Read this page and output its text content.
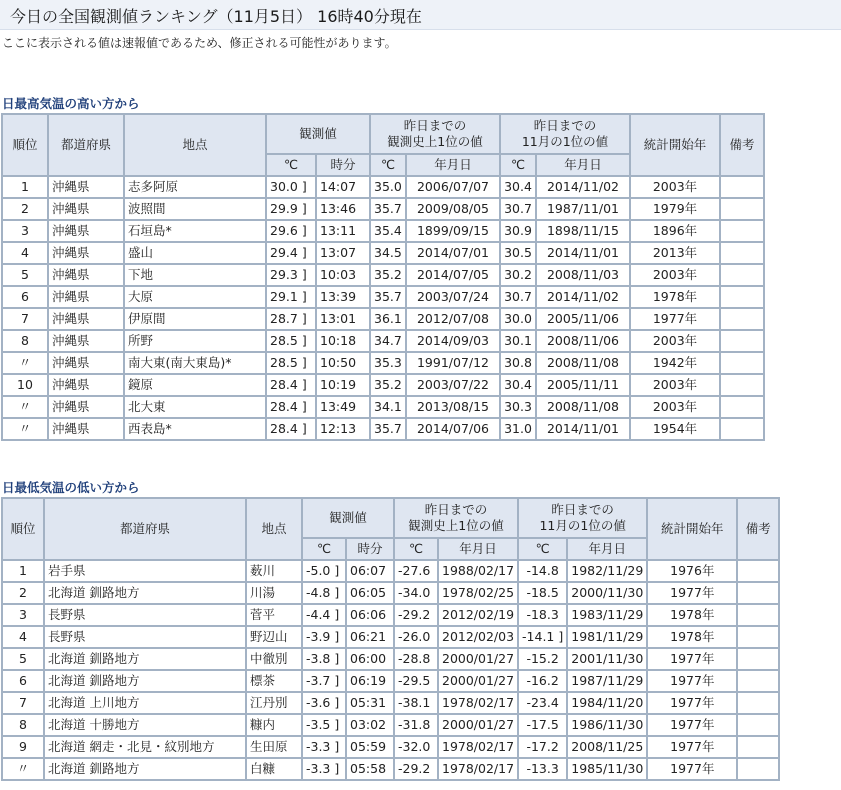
今日の全国観測値ランキング（11月5日） 16時40分現在
ここに表示される値は速報値であるため、修正される可能性があります。
日最高気温の高い方から
順位	都道府県	地点	観測値		昨日までの
観測史上1位の値		昨日までの
11月の1位の値		統計開始年	備考
			℃	時分	℃	年月日	℃	年月日		
1	沖縄県	志多阿原	30.0 ]	14:07	35.0	2006/07/07	30.4	2014/11/02	2003年	
2	沖縄県	波照間	29.9 ]	13:46	35.7	2009/08/05	30.7	1987/11/01	1979年	
3	沖縄県	石垣島*	29.6 ]	13:11	35.4	1899/09/15	30.9	1898/11/15	1896年	
4	沖縄県	盛山	29.4 ]	13:07	34.5	2014/07/01	30.5	2014/11/01	2013年	
5	沖縄県	下地	29.3 ]	10:03	35.2	2014/07/05	30.2	2008/11/03	2003年	
6	沖縄県	大原	29.1 ]	13:39	35.7	2003/07/24	30.7	2014/11/02	1978年	
7	沖縄県	伊原間	28.7 ]	13:01	36.1	2012/07/08	30.0	2005/11/06	1977年	
8	沖縄県	所野	28.5 ]	10:18	34.7	2014/09/03	30.1	2008/11/06	2003年	
〃	沖縄県	南大東(南大東島)*	28.5 ]	10:50	35.3	1991/07/12	30.8	2008/11/08	1942年	
10	沖縄県	鏡原	28.4 ]	10:19	35.2	2003/07/22	30.4	2005/11/11	2003年	
〃	沖縄県	北大東	28.4 ]	13:49	34.1	2013/08/15	30.3	2008/11/08	2003年	
〃	沖縄県	西表島*	28.4 ]	12:13	35.7	2014/07/06	31.0	2014/11/01	1954年	
日最低気温の低い方から
順位	都道府県	地点	観測値		昨日までの
観測史上1位の値		昨日までの
11月の1位の値		統計開始年	備考
			℃	時分	℃	年月日	℃	年月日		
1	岩手県	薮川	-5.0 ]	06:07	-27.6	1988/02/17	-14.8	1982/11/29	1976年	
2	北海道 釧路地方	川湯	-4.8 ]	06:05	-34.0	1978/02/25	-18.5	2000/11/30	1977年	
3	長野県	菅平	-4.4 ]	06:06	-29.2	2012/02/19	-18.3	1983/11/29	1978年	
4	長野県	野辺山	-3.9 ]	06:21	-26.0	2012/02/03	-14.1 ]	1981/11/29	1978年	
5	北海道 釧路地方	中徹別	-3.8 ]	06:00	-28.8	2000/01/27	-15.2	2001/11/30	1977年	
6	北海道 釧路地方	標茶	-3.7 ]	06:19	-29.5	2000/01/27	-16.2	1987/11/29	1977年	
7	北海道 上川地方	江丹別	-3.6 ]	05:31	-38.1	1978/02/17	-23.4	1984/11/20	1977年	
8	北海道 十勝地方	糠内	-3.5 ]	03:02	-31.8	2000/01/27	-17.5	1986/11/30	1977年	
9	北海道 網走・北見・紋別地方	生田原	-3.3 ]	05:59	-32.0	1978/02/17	-17.2	2008/11/25	1977年	
〃	北海道 釧路地方	白糠	-3.3 ]	05:58	-29.2	1978/02/17	-13.3	1985/11/30	1977年	
